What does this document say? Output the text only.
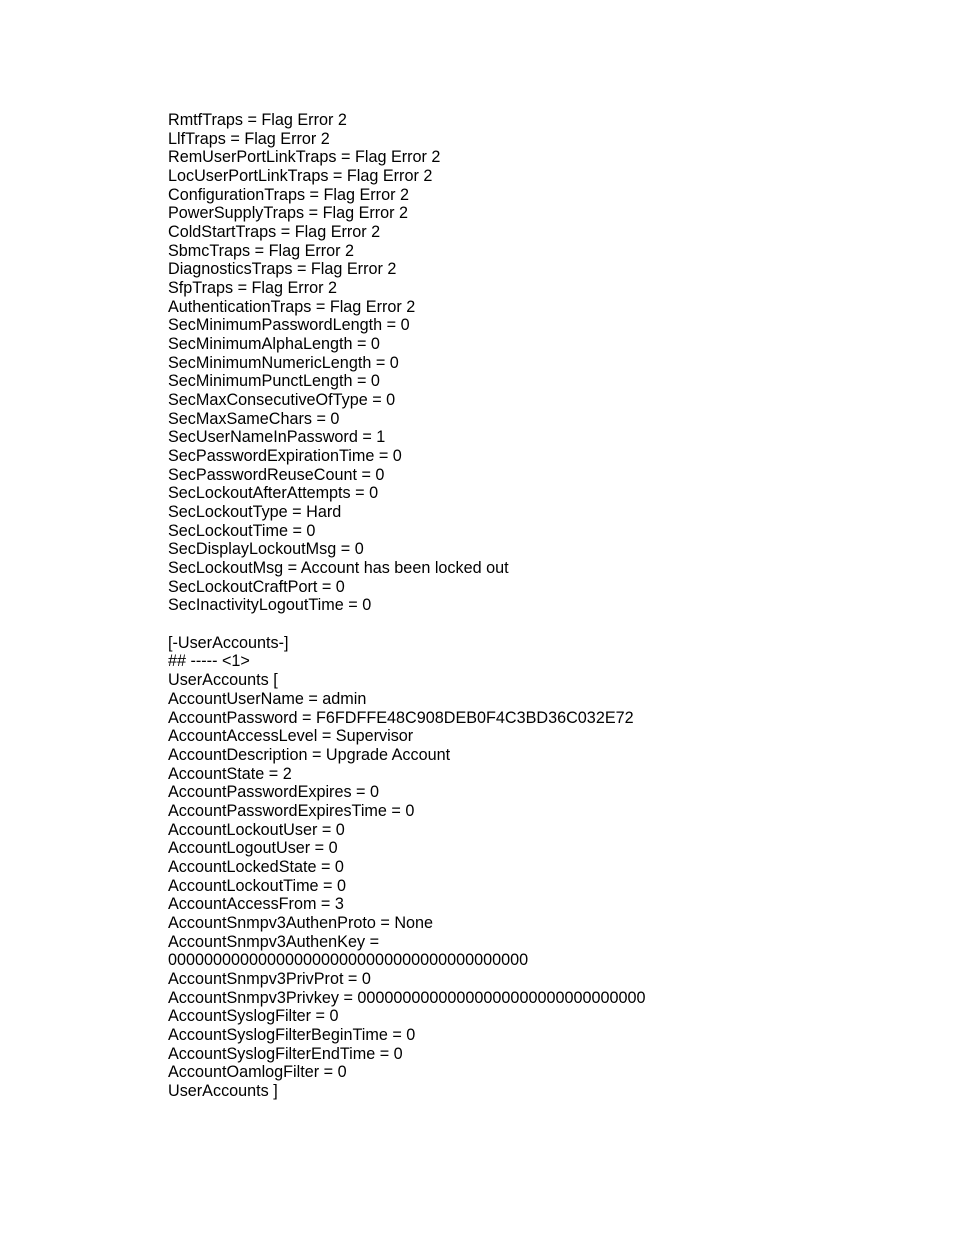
RmtfTraps = Flag Error 2
LlfTraps = Flag Error 2
RemUserPortLinkTraps = Flag Error 2
LocUserPortLinkTraps = Flag Error 2
ConfigurationTraps = Flag Error 2
PowerSupplyTraps = Flag Error 2
ColdStartTraps = Flag Error 2
SbmcTraps = Flag Error 2
DiagnosticsTraps = Flag Error 2
SfpTraps = Flag Error 2
AuthenticationTraps = Flag Error 2
SecMinimumPasswordLength = 0
SecMinimumAlphaLength = 0
SecMinimumNumericLength = 0
SecMinimumPunctLength = 0
SecMaxConsecutiveOfType = 0
SecMaxSameChars = 0
SecUserNameInPassword = 1
SecPasswordExpirationTime = 0
SecPasswordReuseCount = 0
SecLockoutAfterAttempts = 0
SecLockoutType = Hard
SecLockoutTime = 0
SecDisplayLockoutMsg = 0
SecLockoutMsg = Account has been locked out
SecLockoutCraftPort = 0
SecInactivityLogoutTime = 0
[-UserAccounts-]
## ----- <1>
UserAccounts [
AccountUserName = admin
AccountPassword = F6FDFFE48C908DEB0F4C3BD36C032E72
AccountAccessLevel = Supervisor
AccountDescription = Upgrade Account
AccountState = 2
AccountPasswordExpires = 0
AccountPasswordExpiresTime = 0
AccountLockoutUser = 0
AccountLogoutUser = 0
AccountLockedState = 0
AccountLockoutTime = 0
AccountAccessFrom = 3
AccountSnmpv3AuthenProto = None
AccountSnmpv3AuthenKey =
0000000000000000000000000000000000000000
AccountSnmpv3PrivProt = 0
AccountSnmpv3Privkey = 00000000000000000000000000000000
AccountSyslogFilter = 0
AccountSyslogFilterBeginTime = 0
AccountSyslogFilterEndTime = 0
AccountOamlogFilter = 0
UserAccounts ]
